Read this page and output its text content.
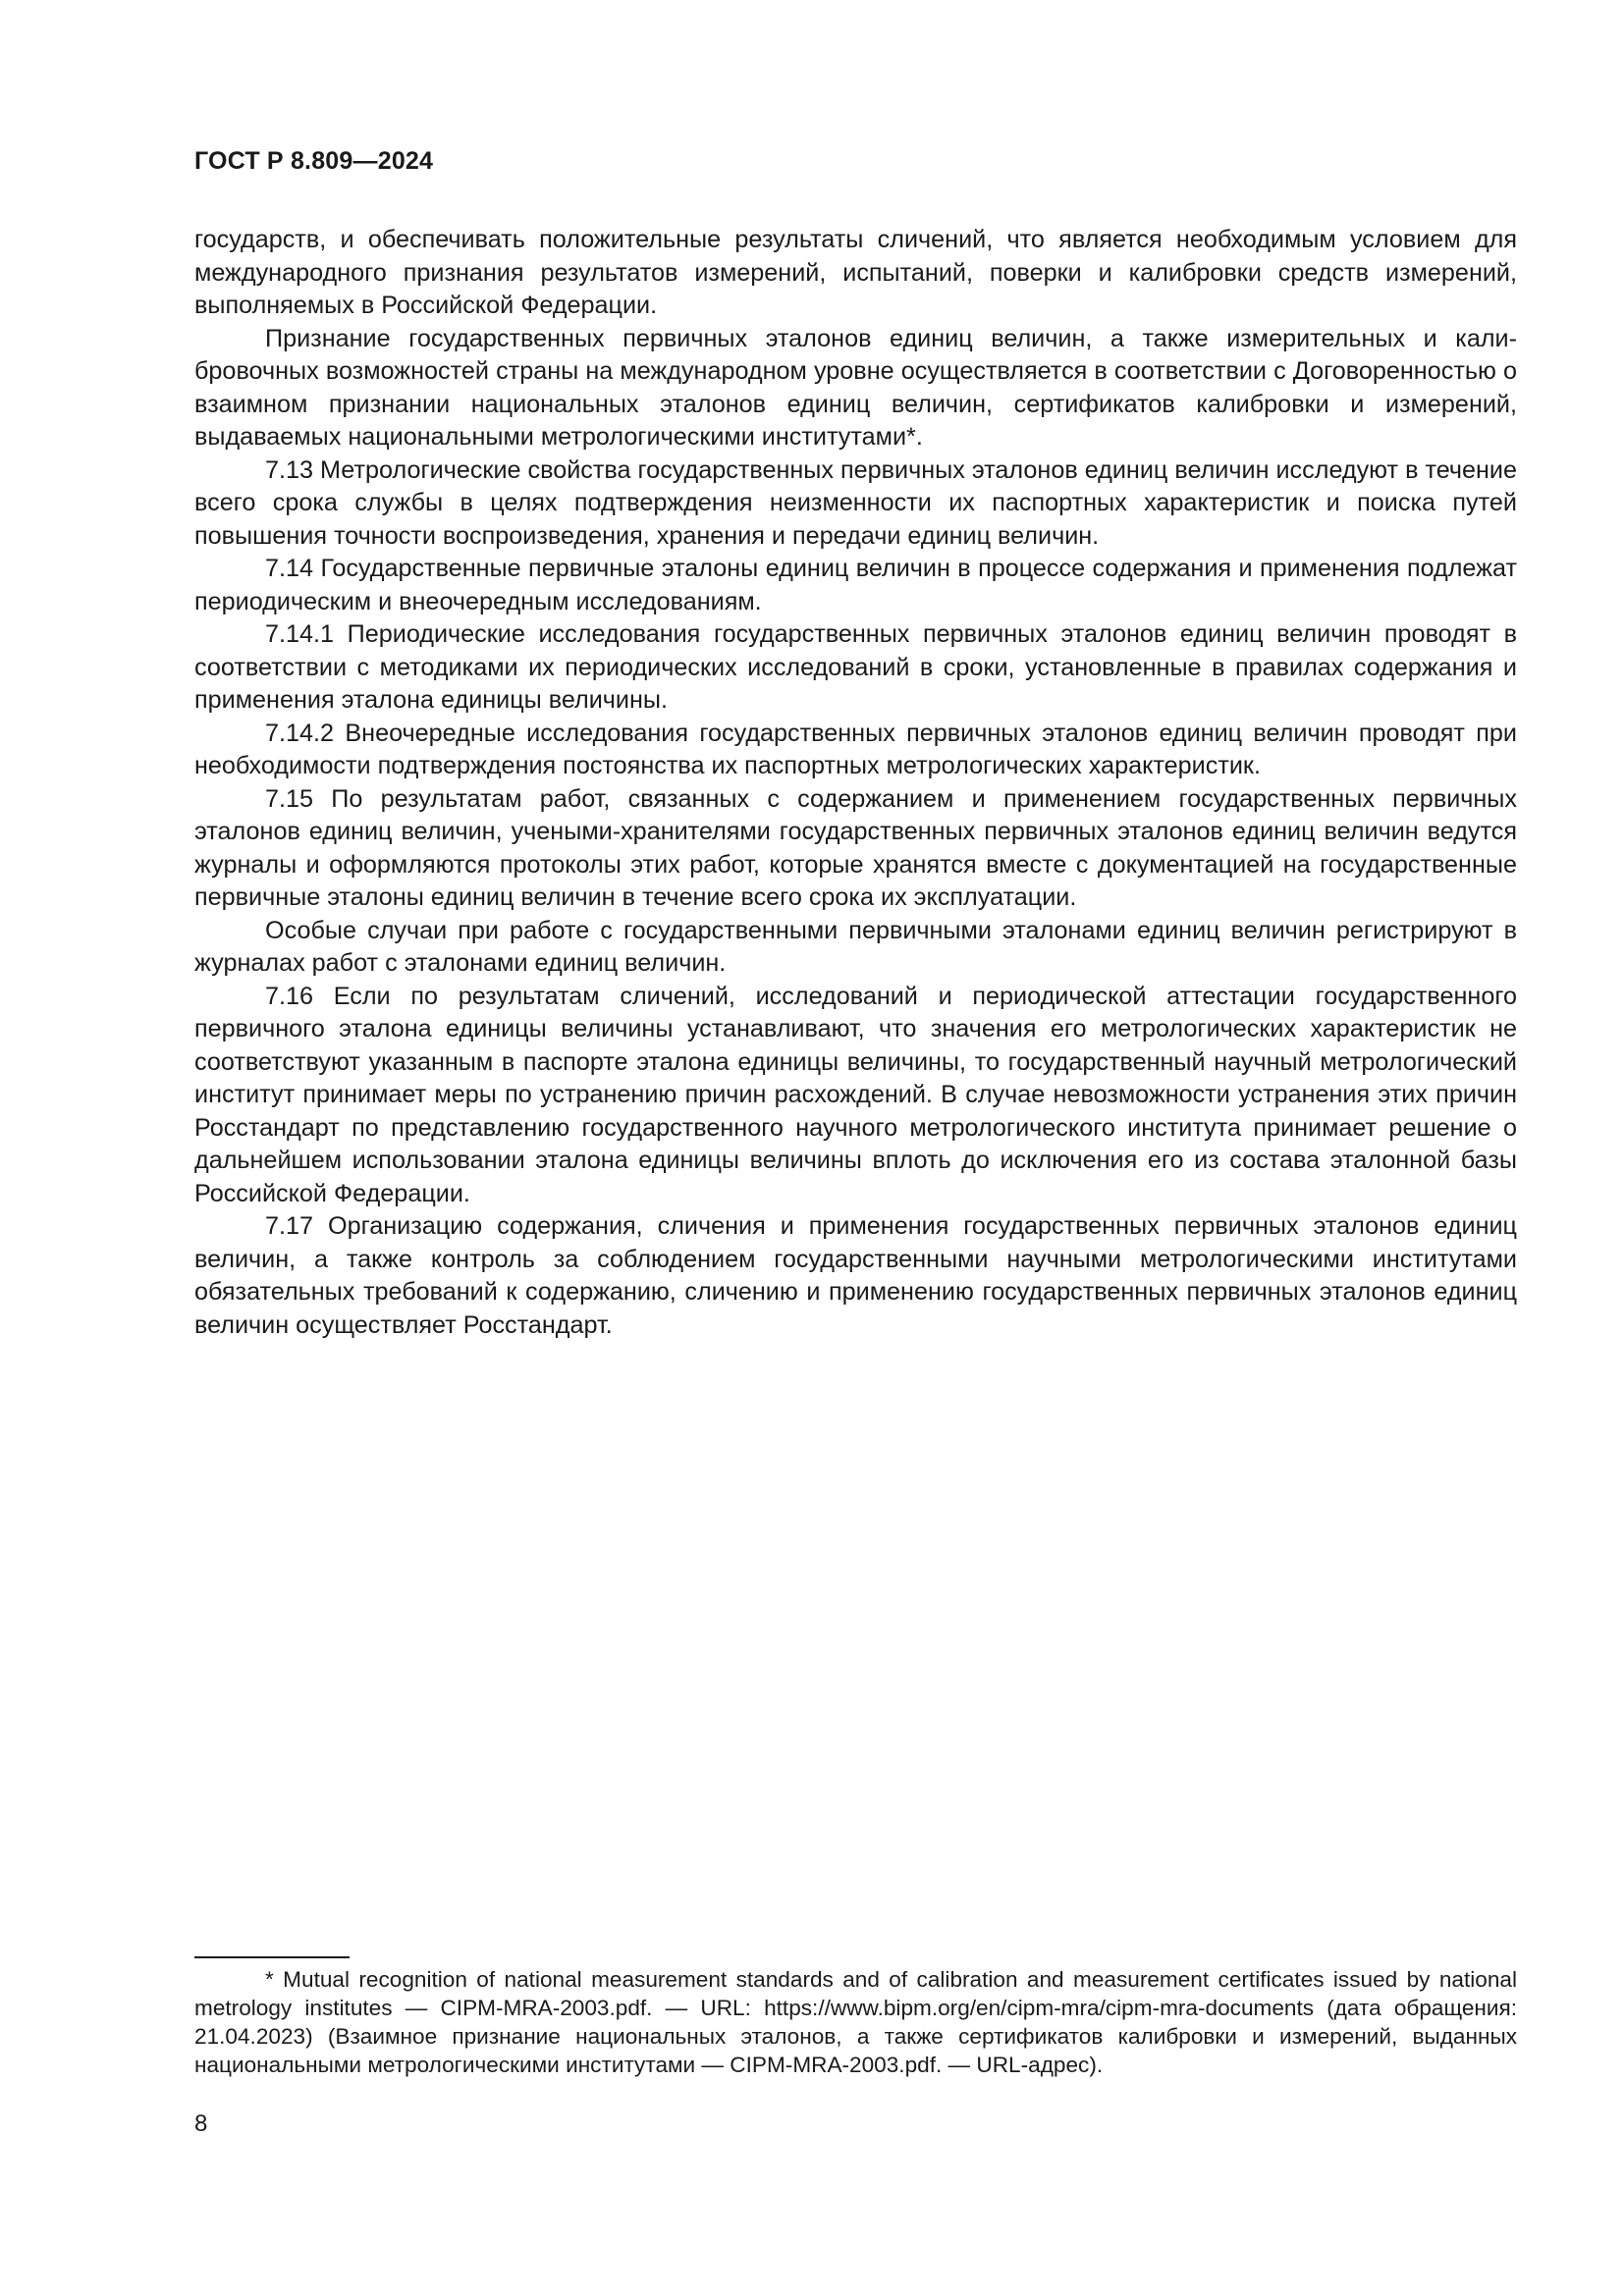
ГОСТ Р 8.809—2024

государств, и обеспечивать положительные результаты сличений, что является необходимым условием для международного признания результатов измерений, испытаний, поверки и калибровки средств измерений, выполняемых в Российской Федерации.

Признание государственных первичных эталонов единиц величин, а также измерительных и калибровочных возможностей страны на международном уровне осуществляется в соответствии с Договоренностью о взаимном признании национальных эталонов единиц величин, сертификатов калибровки и измерений, выдаваемых национальными метрологическими институтами*.

7.13 Метрологические свойства государственных первичных эталонов единиц величин исследуют в течение всего срока службы в целях подтверждения неизменности их паспортных характеристик и поиска путей повышения точности воспроизведения, хранения и передачи единиц величин.

7.14 Государственные первичные эталоны единиц величин в процессе содержания и применения подлежат периодическим и внеочередным исследованиям.

7.14.1 Периодические исследования государственных первичных эталонов единиц величин проводят в соответствии с методиками их периодических исследований в сроки, установленные в правилах содержания и применения эталона единицы величины.

7.14.2 Внеочередные исследования государственных первичных эталонов единиц величин проводят при необходимости подтверждения постоянства их паспортных метрологических характеристик.

7.15 По результатам работ, связанных с содержанием и применением государственных первичных эталонов единиц величин, учеными-хранителями государственных первичных эталонов единиц величин ведутся журналы и оформляются протоколы этих работ, которые хранятся вместе с документацией на государственные первичные эталоны единиц величин в течение всего срока их эксплуатации.

Особые случаи при работе с государственными первичными эталонами единиц величин регистрируют в журналах работ с эталонами единиц величин.

7.16 Если по результатам сличений, исследований и периодической аттестации государственного первичного эталона единицы величины устанавливают, что значения его метрологических характеристик не соответствуют указанным в паспорте эталона единицы величины, то государственный научный метрологический институт принимает меры по устранению причин расхождений. В случае невозможности устранения этих причин Росстандарт по представлению государственного научного метрологического института принимает решение о дальнейшем использовании эталона единицы величины вплоть до исключения его из состава эталонной базы Российской Федерации.

7.17 Организацию содержания, сличения и применения государственных первичных эталонов единиц величин, а также контроль за соблюдением государственными научными метрологическими институтами обязательных требований к содержанию, сличению и применению государственных первичных эталонов единиц величин осуществляет Росстандарт.

* Mutual recognition of national measurement standards and of calibration and measurement certificates issued by national metrology institutes — CIPM-MRA-2003.pdf. — URL: https://www.bipm.org/en/cipm-mra/cipm-mra-documents (дата обращения: 21.04.2023) (Взаимное признание национальных эталонов, а также сертификатов калибровки и измерений, выданных национальными метрологическими институтами — CIPM-MRA-2003.pdf. — URL-адрес).

8
